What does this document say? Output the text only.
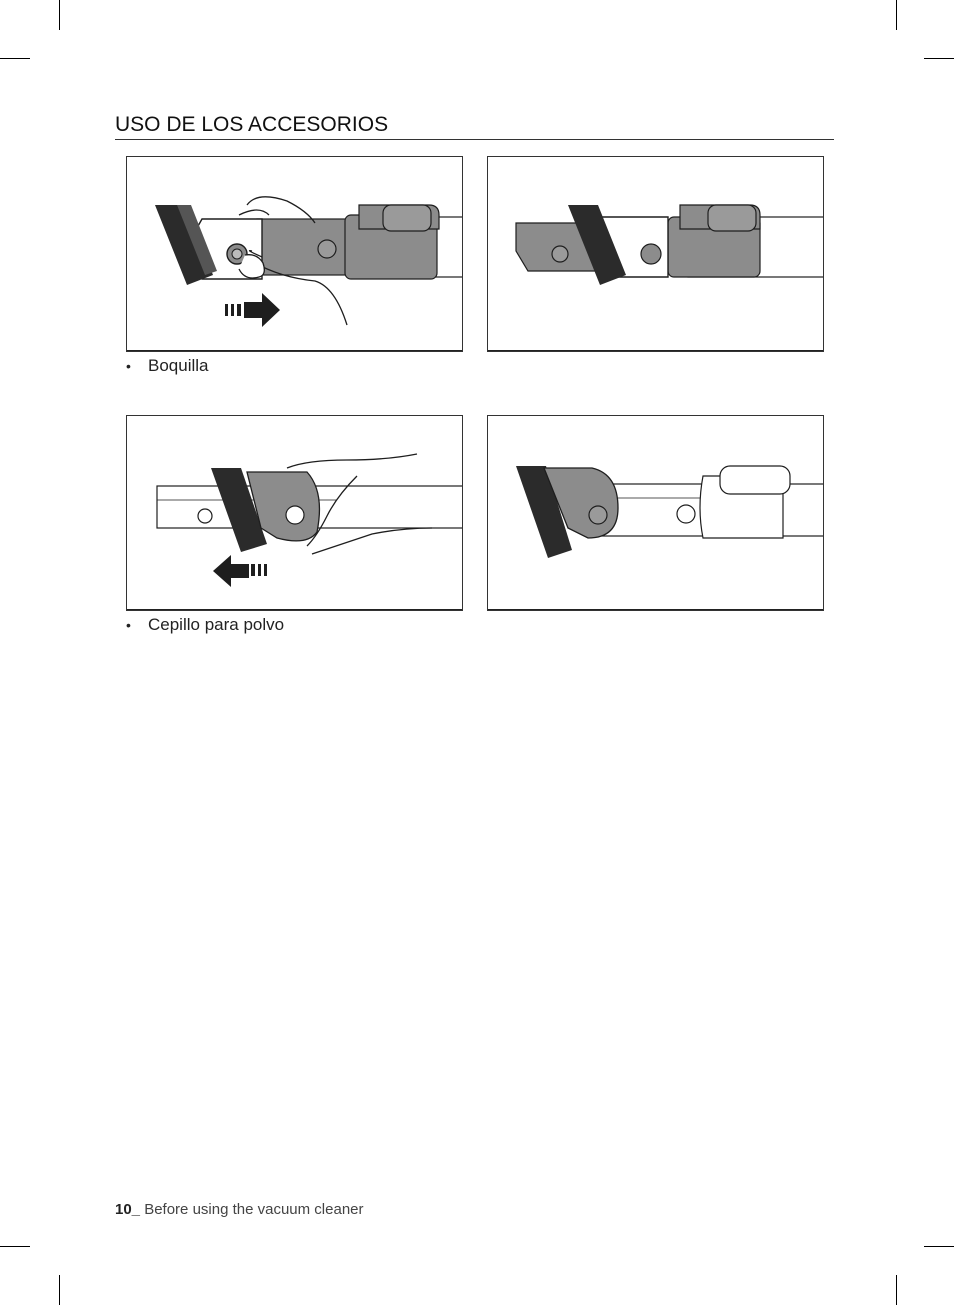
USO DE LOS ACCESORIOS
•	Boquilla
•	Cepillo para polvo
10_ Before using the vacuum cleaner
